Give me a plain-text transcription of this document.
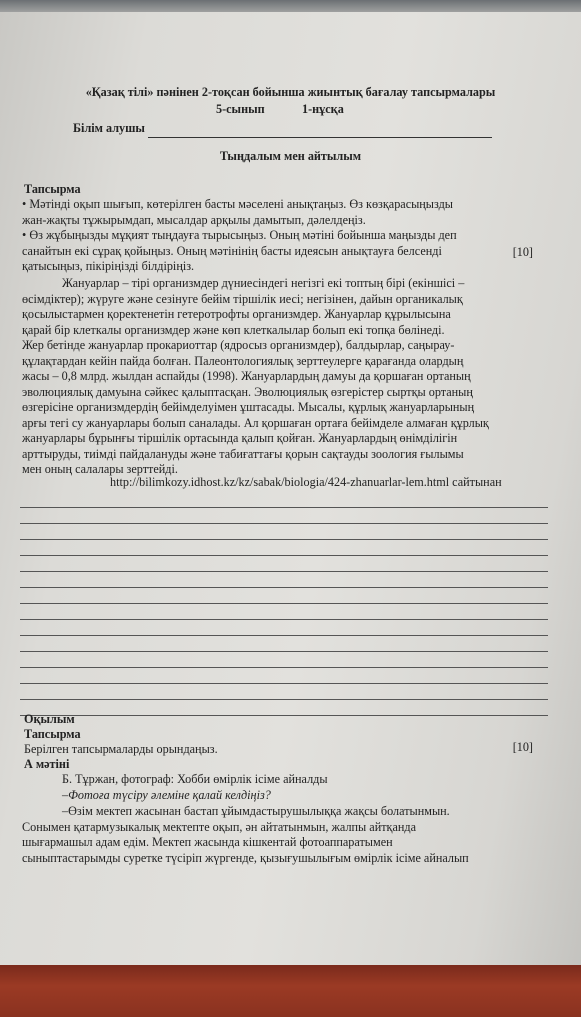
«Қазақ тілі» пәнінен 2-тоқсан бойынша жиынтық бағалау тапсырмалары
5-сынып	1-нұсқа
Білім алушы
Тыңдалым мен айтылым
Тапсырма
• Мәтінді оқып шығып, көтерілген басты мәселені анықтаңыз. Өз көзқарасыңызды
жан-жақты тұжырымдап, мысалдар арқылы дамытып, дәлелдеңіз.
• Өз жұбыңызды мұқият тыңдауға тырысыңыз. Оның мәтіні бойынша маңызды деп
санайтын екі сұрақ қойыңыз. Оның мәтінінің басты идеясын анықтауға белсенді
қатысыңыз, пікіріңізді білдіріңіз.
[10]
Жануарлар – тірі организмдер дүниесіндегі негізгі екі топтың бірі (екіншісі –
өсімдіктер); жүруге және сезінуге бейім тіршілік иесі; негізінен, дайын органикалық
қосылыстармен қоректенетін гетеротрофты организмдер. Жануарлар құрылысына
қарай бір клеткалы организмдер және көп клеткалылар болып екі топқа бөлінеді.
Жер бетінде жануарлар прокариоттар (ядросыз организмдер), балдырлар, саңырау-
құлақтардан кейін пайда болған. Палеонтологиялық зерттеулерге қарағанда олардың
жасы – 0,8 млрд. жылдан аспайды (1998). Жануарлардың дамуы да қоршаған ортаның
эволюциялық дамуына сәйкес қалыптасқан. Эволюциялық өзгерістер сыртқы ортаның
өзгерісіне организмдердің бейімделуімен ұштасады. Мысалы, құрлық жануарларының
арғы тегі су жануарлары болып саналады. Ал қоршаған ортаға бейімделе алмаған құрлық
жануарлары бұрынғы тіршілік ортасында қалып қойған. Жануарлардың өнімділігін
арттыруды, тиімді пайдалануды және табиғаттағы қорын сақтауды зоология ғылымы
мен оның салалары зерттейді.
http://bilimkozy.idhost.kz/kz/sabak/biologia/424-zhanuarlar-lem.html сайтынан
Оқылым
Тапсырма
Берілген тапсырмаларды орындаңыз.	[10]
А мәтіні
Б. Тұржан, фотограф: Хобби өмірлік ісіме айналды
–Фотоға түсіру әлеміне қалай келдіңіз?
–Өзім мектеп жасынан бастап ұйымдастырушылыққа жақсы болатынмын.
Сонымен қатармузыкалық мектепте оқып, ән айтатынмын, жалпы айтқанда
шығармашыл адам едім. Мектеп жасында кішкентай фотоаппаратымен
сыныптастарымды суретке түсіріп жүргенде, қызығушылығым өмірлік ісіме айналып
